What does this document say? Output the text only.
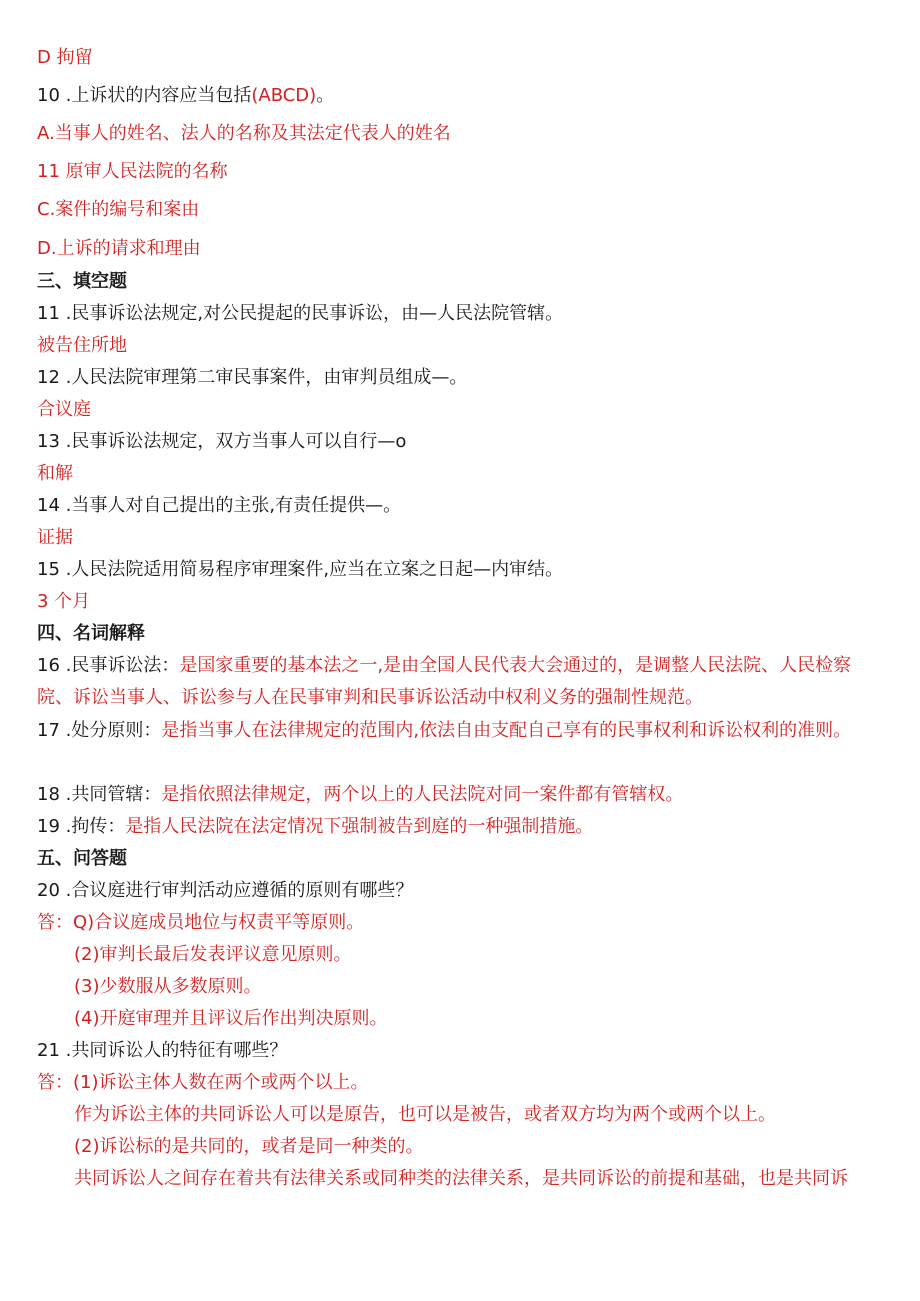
D 拘留
10 .上诉状的内容应当包括(ABCD)。
A.当事人的姓名、法人的名称及其法定代表人的姓名
11 原审人民法院的名称
C.案件的编号和案由
D.上诉的请求和理由
三、填空题
11 .民事诉讼法规定,对公民提起的民事诉讼，由—人民法院管辖。
被告住所地
12 .人民法院审理第二审民事案件，由审判员组成—。
合议庭
13 .民事诉讼法规定，双方当事人可以自行—o
和解
14 .当事人对自己提出的主张,有责任提供—。
证据
15 .人民法院适用简易程序审理案件,应当在立案之日起—内审结。
3 个月
四、名词解释
16 .民事诉讼法：是国家重要的基本法之一,是由全国人民代表大会通过的，是调整人民法院、人民检察院、诉讼当事人、诉讼参与人在民事审判和民事诉讼活动中权利义务的强制性规范。
17 .处分原则：是指当事人在法律规定的范围内,依法自由支配自己享有的民事权利和诉讼权利的准则。
18 .共同管辖：是指依照法律规定，两个以上的人民法院对同一案件都有管辖权。
19 .拘传：是指人民法院在法定情况下强制被告到庭的一种强制措施。
五、问答题
20 .合议庭进行审判活动应遵循的原则有哪些？
答：Q)合议庭成员地位与权责平等原则。
(2)审判长最后发表评议意见原则。
(3)少数服从多数原则。
(4)开庭审理并且评议后作出判决原则。
21 .共同诉讼人的特征有哪些？
答：(1)诉讼主体人数在两个或两个以上。
作为诉讼主体的共同诉讼人可以是原告，也可以是被告，或者双方均为两个或两个以上。
(2)诉讼标的是共同的，或者是同一种类的。
共同诉讼人之间存在着共有法律关系或同种类的法律关系，是共同诉讼的前提和基础，也是共同诉
